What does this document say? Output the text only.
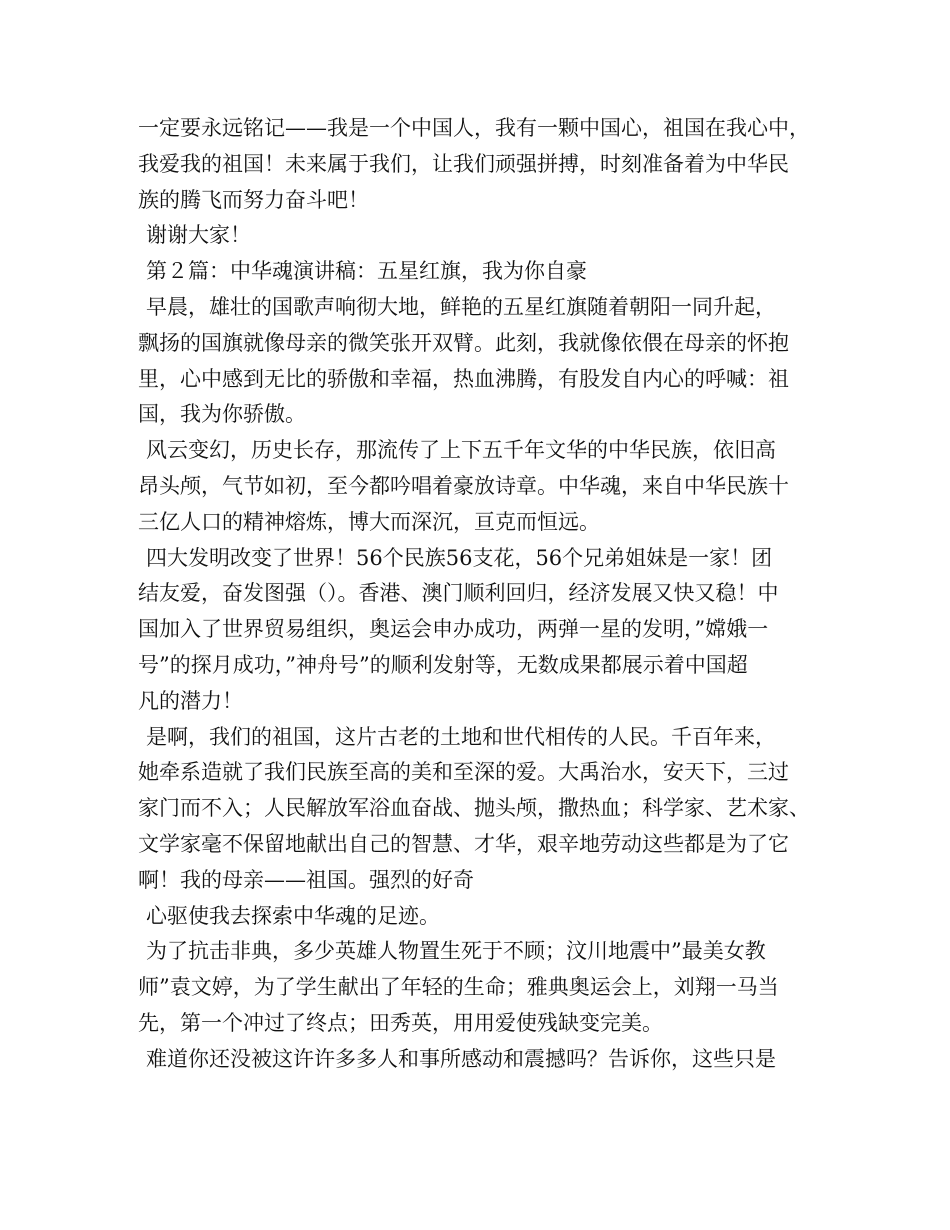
一定要永远铭记——我是一个中国人，我有一颗中国心，祖国在我心中，
我爱我的祖国！未来属于我们，让我们顽强拼搏，时刻准备着为中华民
族的腾飞而努力奋斗吧！
谢谢大家！
第２篇：中华魂演讲稿：五星红旗，我为你自豪
早晨，雄壮的国歌声响彻大地，鲜艳的五星红旗随着朝阳一同升起，
飘扬的国旗就像母亲的微笑张开双臂。此刻，我就像依偎在母亲的怀抱
里，心中感到无比的骄傲和幸福，热血沸腾，有股发自内心的呼喊：祖
国，我为你骄傲。
风云变幻，历史长存，那流传了上下五千年文华的中华民族，依旧高
昂头颅，气节如初，至今都吟唱着豪放诗章。中华魂，来自中华民族十
三亿人口的精神熔炼，博大而深沉，亘克而恒远。
四大发明改变了世界！56个民族56支花，56个兄弟姐妹是一家！团
结友爱，奋发图强（）。香港、澳门顺利回归，经济发展又快又稳！中
国加入了世界贸易组织，奥运会申办成功，两弹一星的发明，”嫦娥一
号”的探月成功，”神舟号”的顺利发射等，无数成果都展示着中国超
凡的潜力！
是啊，我们的祖国，这片古老的土地和世代相传的人民。千百年来，
她牵系造就了我们民族至高的美和至深的爱。大禹治水，安天下，三过
家门而不入；人民解放军浴血奋战、抛头颅，撒热血；科学家、艺术家、
文学家毫不保留地献出自己的智慧、才华，艰辛地劳动这些都是为了它
啊！我的母亲——祖国。强烈的好奇
心驱使我去探索中华魂的足迹。
为了抗击非典，多少英雄人物置生死于不顾；汶川地震中”最美女教
师”袁文婷，为了学生献出了年轻的生命；雅典奥运会上，刘翔一马当
先，第一个冲过了终点；田秀英，用用爱使残缺变完美。
难道你还没被这许许多多人和事所感动和震撼吗？告诉你，这些只是
